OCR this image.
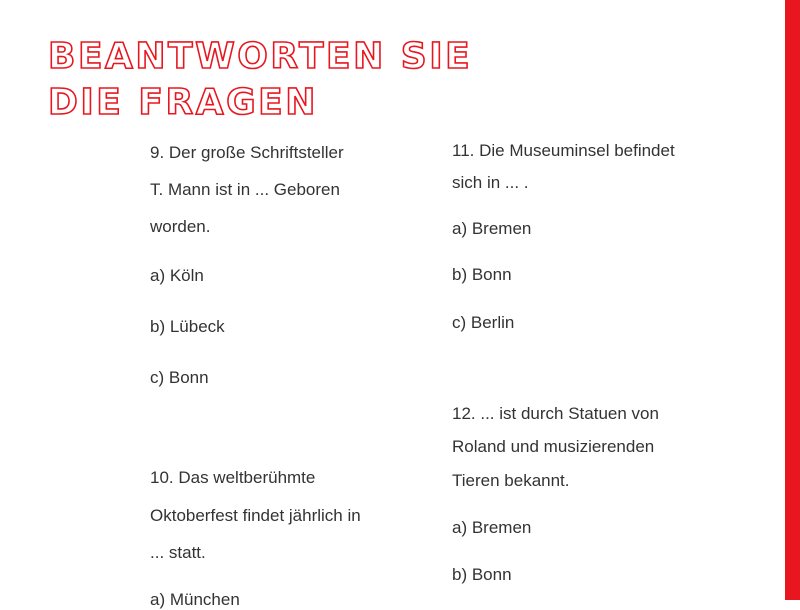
BEANTWORTEN SIE
DIE FRAGEN
9. Der große Schriftsteller
T. Mann ist in ... Geboren
worden.
a) Köln
b) Lübeck
c) Bonn
10. Das weltberühmte
Oktoberfest findet jährlich in
... statt.
a) München
11. Die Museuminsel befindet
sich in ... .
a) Bremen
b) Bonn
c) Berlin
12. ... ist durch Statuen von
Roland und musizierenden
Tieren bekannt.
a) Bremen
b) Bonn
